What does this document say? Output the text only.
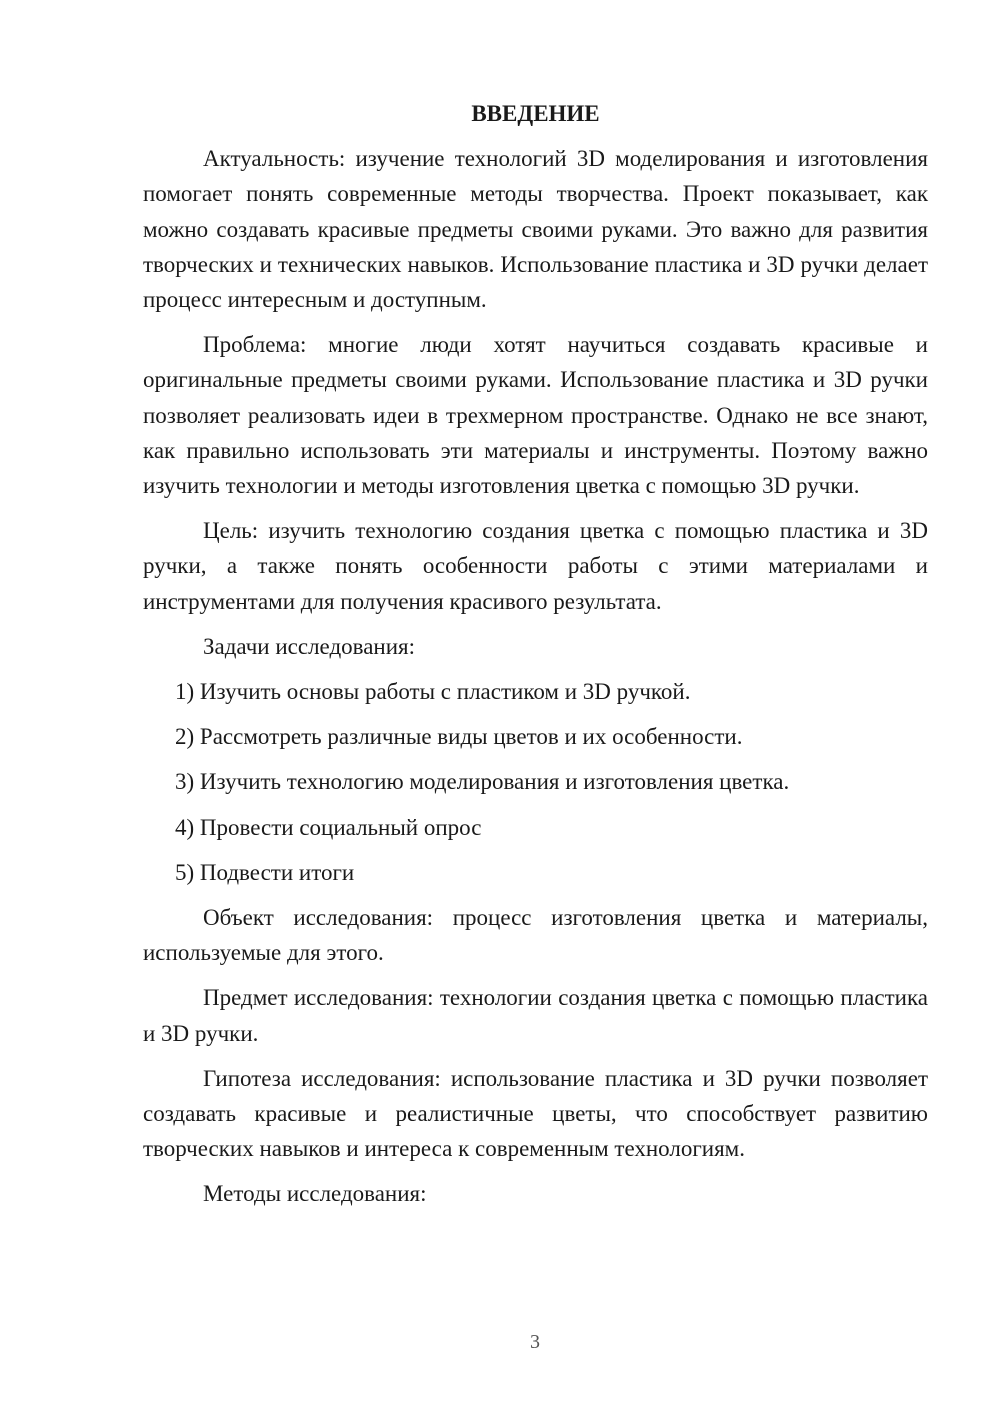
ВВЕДЕНИЕ

Актуальность: изучение технологий 3D моделирования и изготовления помогает понять современные методы творчества. Проект показывает, как можно создавать красивые предметы своими руками. Это важно для развития творческих и технических навыков. Использование пластика и 3D ручки делает процесс интересным и доступным.

Проблема: многие люди хотят научиться создавать красивые и оригинальные предметы своими руками. Использование пластика и 3D ручки позволяет реализовать идеи в трехмерном пространстве. Однако не все знают, как правильно использовать эти материалы и инструменты. Поэтому важно изучить технологии и методы изготовления цветка с помощью 3D ручки.

Цель: изучить технологию создания цветка с помощью пластика и 3D ручки, а также понять особенности работы с этими материалами и инструментами для получения красивого результата.

Задачи исследования:

1) Изучить основы работы с пластиком и 3D ручкой.
2) Рассмотреть различные виды цветов и их особенности.
3) Изучить технологию моделирования и изготовления цветка.
4) Провести социальный опрос
5) Подвести итоги

Объект исследования: процесс изготовления цветка и материалы, используемые для этого.

Предмет исследования: технологии создания цветка с помощью пластика и 3D ручки.

Гипотеза исследования: использование пластика и 3D ручки позволяет создавать красивые и реалистичные цветы, что способствует развитию творческих навыков и интереса к современным технологиям.

Методы исследования:

3
